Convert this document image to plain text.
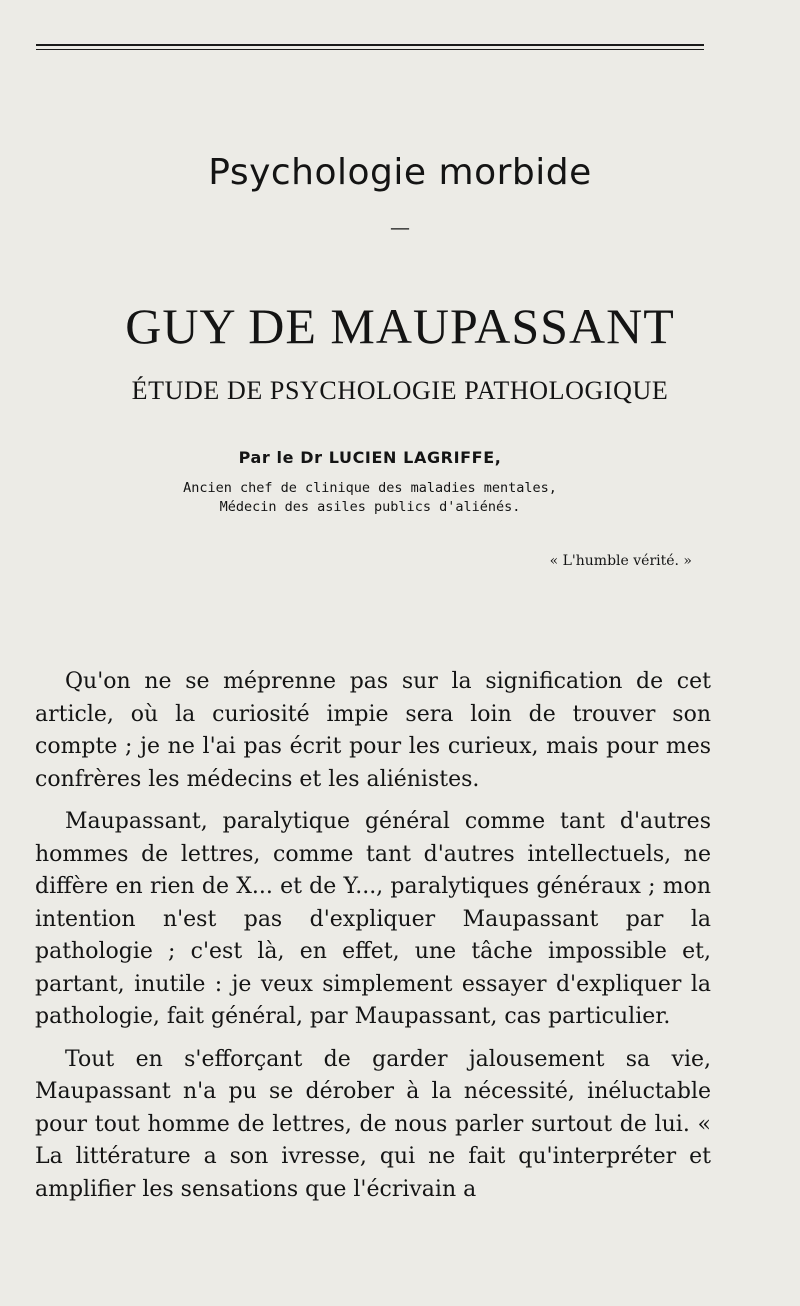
Psychologie morbide
—
GUY DE MAUPASSANT
ÉTUDE DE PSYCHOLOGIE PATHOLOGIQUE
Par le Dr LUCIEN LAGRIFFE,
Ancien chef de clinique des maladies mentales,
Médecin des asiles publics d'aliénés.
« L'humble vérité. »

Qu'on ne se méprenne pas sur la signification de cet article, où la curiosité impie sera loin de trouver son compte ; je ne l'ai pas écrit pour les curieux, mais pour mes confrères les médecins et les aliénistes.

Maupassant, paralytique général comme tant d'autres hommes de lettres, comme tant d'autres intellectuels, ne diffère en rien de X... et de Y..., paralytiques généraux ; mon intention n'est pas d'expliquer Maupassant par la pathologie ; c'est là, en effet, une tâche impossible et, partant, inutile : je veux simplement essayer d'expliquer la pathologie, fait général, par Maupassant, cas particulier.

Tout en s'efforçant de garder jalousement sa vie, Maupassant n'a pu se dérober à la nécessité, inéluctable pour tout homme de lettres, de nous parler surtout de lui. « La littérature a son ivresse, qui ne fait qu'interpréter et amplifier les sensations que l'écrivain a
